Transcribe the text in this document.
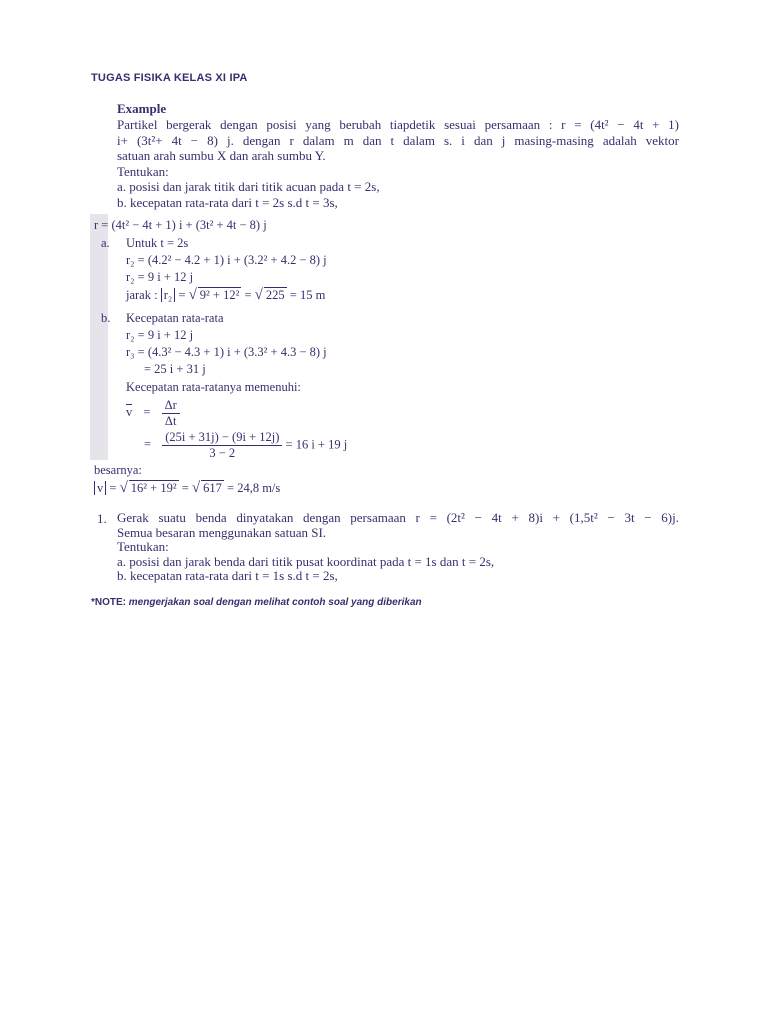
TUGAS FISIKA KELAS XI IPA
Example
Partikel bergerak dengan posisi yang berubah tiapdetik sesuai persamaan : r = (4t² − 4t + 1)
i+ (3t²+ 4t − 8) j. dengan r dalam m dan t dalam s. i dan j masing-masing adalah vektor
satuan arah sumbu X dan arah sumbu Y.
Tentukan:
a. posisi dan jarak titik dari titik acuan pada t = 2s,
b. kecepatan rata-rata dari t = 2s s.d t = 3s,
r = (4t² − 4t + 1) i + (3t² + 4t − 8) j
a. Untuk t = 2s
r₂ = (4.2² − 4.2 + 1) i + (3.2² + 4.2 − 8) j
r₂ = 9 i + 12 j
jarak : r₂ = √ 9² + 12² = √ 225 = 15 m
b. Kecepatan rata-rata
r₂ = 9 i + 12 j
r₃ = (4.3² − 4.3 + 1) i + (3.3² + 4.3 − 8) j
= 25 i + 31 j
Kecepatan rata-ratanya memenuhi:
$v = \frac{\Delta r}{\Delta t}$
= $\frac{(25i + 31j) - (9i + 12j)}{3 - 2} = 16$ i + 19 j
besarnya:
v = √ 16² + 19² = √ 617 = 24,8 m/s
1. Gerak suatu benda dinyatakan dengan persamaan r = (2t² − 4t + 8)i + (1,5t² − 3t − 6)j.
Semua besaran menggunakan satuan SI.
Tentukan:
a. posisi dan jarak benda dari titik pusat koordinat pada t = 1s dan t = 2s,
b. kecepatan rata-rata dari t = 1s s.d t = 2s,
*NOTE: mengerjakan soal dengan melihat contoh soal yang diberikan
